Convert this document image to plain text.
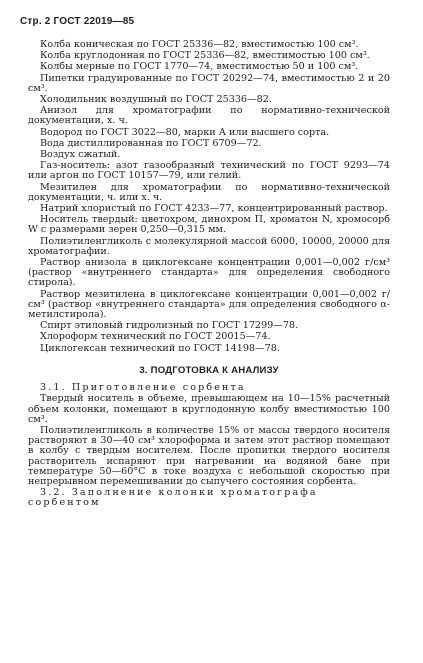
Стр. 2 ГОСТ 22019—85

Колба коническая по ГОСТ 25336—82, вместимостью 100 см³.

Колба круглодонная по ГОСТ 25336—82, вместимостью 100 см³.

Колбы мерные по ГОСТ 1770—74, вместимостью 50 и 100 см³.

Пипетки градуированные по ГОСТ 20292—74, вместимостью 2 и 20 см³.

Холодильник воздушный по ГОСТ 25336—82.

Анизол для хроматографии по нормативно-технической документации, х. ч.

Водород по ГОСТ 3022—80, марки А или высшего сорта.

Вода дистиллированная по ГОСТ 6709—72.

Воздух сжатый.

Газ-носитель: азот газообразный технический по ГОСТ 9293—74 или аргон по ГОСТ 10157—79, или гелий.

Мезитилен для хроматографии по нормативно-технической документации, ч. или х. ч.

Натрий хлористый по ГОСТ 4233—77, концентрированный раствор.

Носитель твердый: цветохром, динохром П, хроматон N, хромосорб W с размерами зерен 0,250—0,315 мм.

Полиэтиленгликоль с молекулярной массой 6000, 10000, 20000 для хроматографии.

Раствор анизола в циклогексане концентрации 0,001—0,002 г/см³ (раствор «внутреннего стандарта» для определения свободного стирола).

Раствор мезитилена в циклогексане концентрации 0,001—0,002 г/см³ (раствор «внутреннего стандарта» для определения свободного α-метилстирола).

Спирт этиловый гидролизный по ГОСТ 17299—78.

Хлороформ технический по ГОСТ 20015—74.

Циклогексан технический по ГОСТ 14198—78.

3. ПОДГОТОВКА К АНАЛИЗУ

3.1. Приготовление сорбента

Твердый носитель в объеме, превышающем на 10—15% расчетный объем колонки, помещают в круглодонную колбу вместимостью 100 см³.

Полиэтиленгликоль в количестве 15% от массы твердого носителя растворяют в 30—40 см³ хлороформа и затем этот раствор помещают в колбу с твердым носителем. После пропитки твердого носителя растворитель испаряют при нагревании на водяной бане при температуре 50—60°С в токе воздуха с небольшой скоростью при непрерывном перемешивании до сыпучего состояния сорбента.

3.2. Заполнение колонки хроматографа сорбентом
